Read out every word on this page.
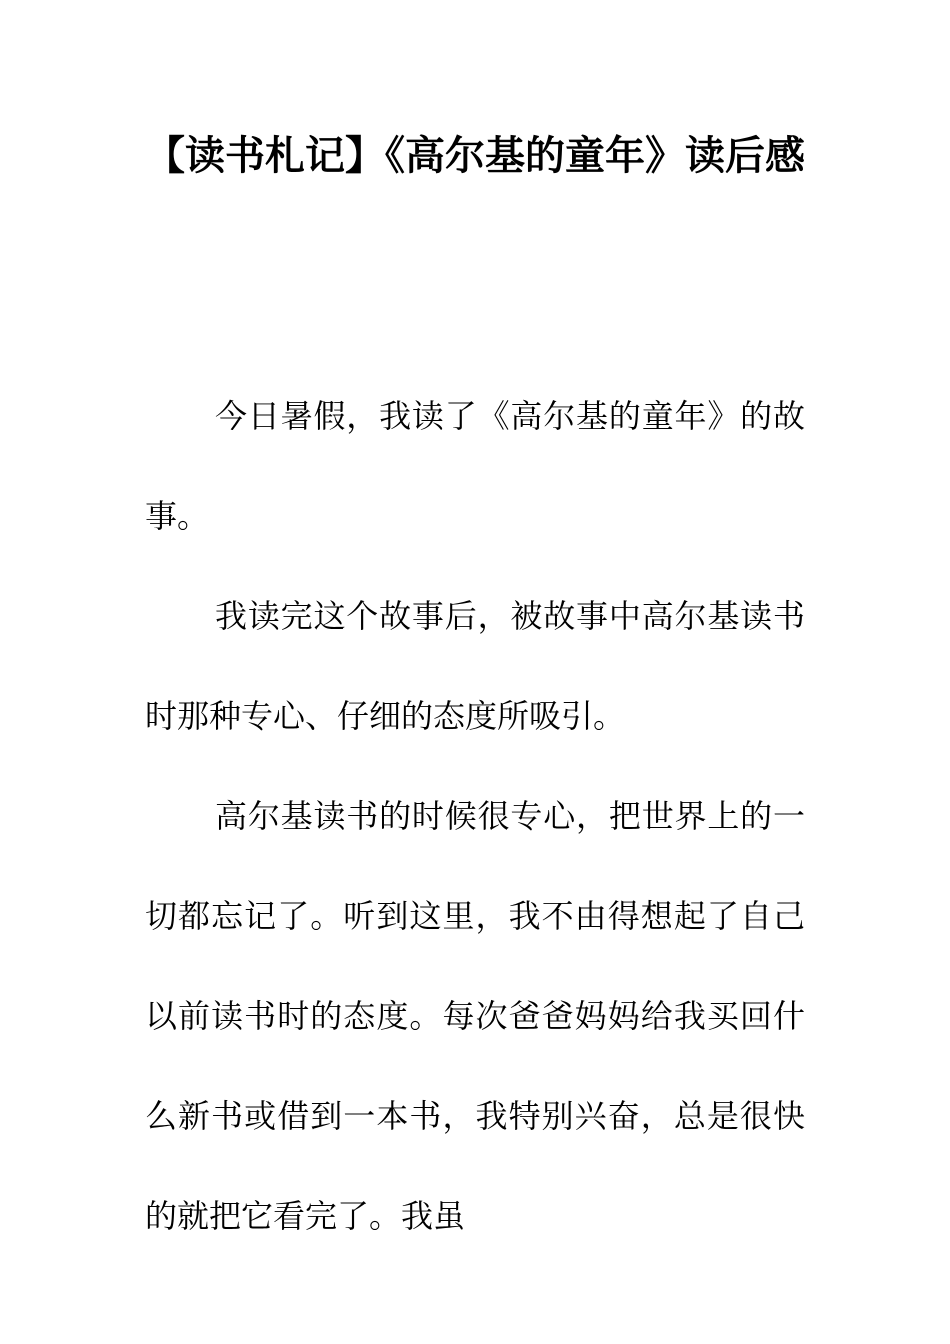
【读书札记】《高尔基的童年》读后感

今日暑假，我读了《高尔基的童年》的故事。

我读完这个故事后，被故事中高尔基读书时那种专心、仔细的态度所吸引。

高尔基读书的时候很专心，把世界上的一切都忘记了。听到这里，我不由得想起了自己以前读书时的态度。每次爸爸妈妈给我买回什么新书或借到一本书，我特别兴奋，总是很快的就把它看完了。我虽
